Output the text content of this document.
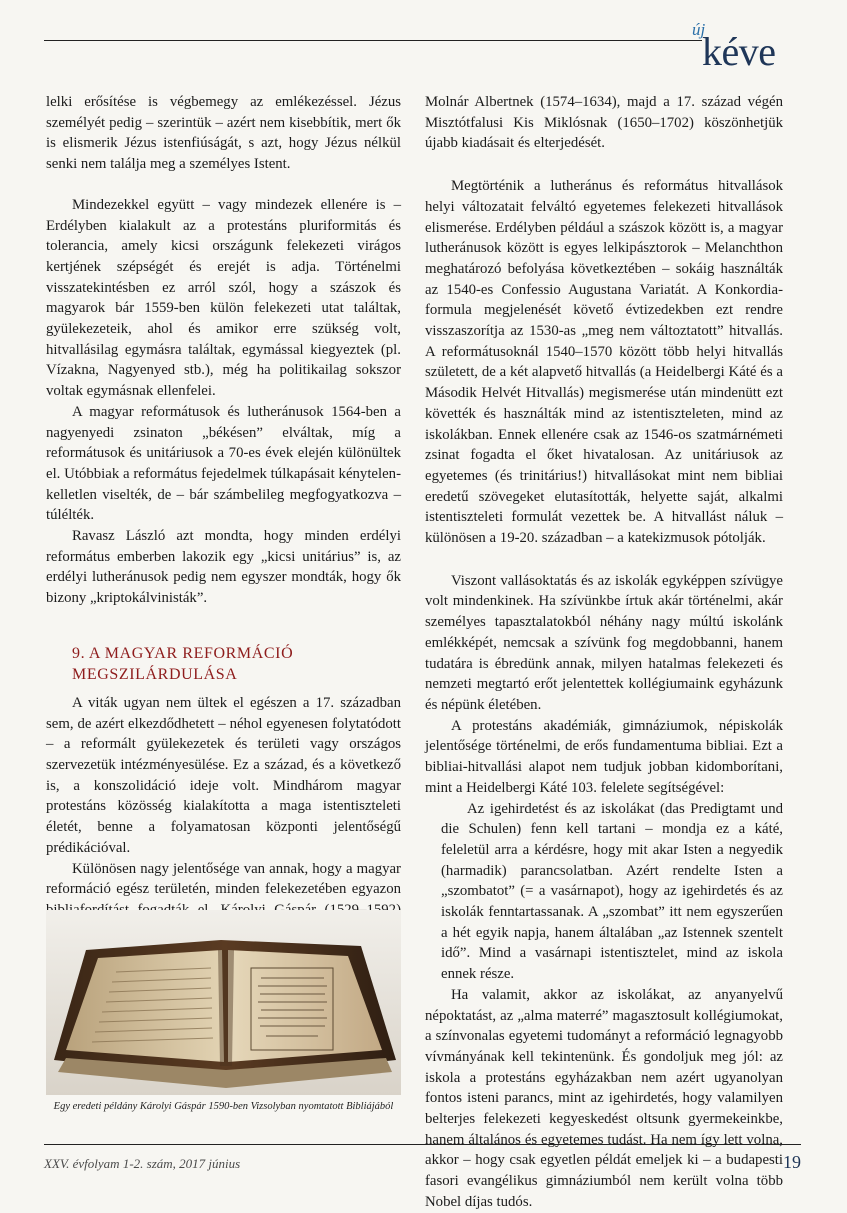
új
kéve

lelki erősítése is végbemegy az emlékezéssel. Jézus személyét pedig – szerintük – azért nem kisebbítik, mert ők is elismerik Jézus istenfiúságát, s azt, hogy Jézus nélkül senki nem találja meg a személyes Istent.

Mindezekkel együtt – vagy mindezek ellenére is – Erdélyben kialakult az a protestáns pluriformitás és tolerancia, amely kicsi országunk felekezeti virágos kertjének szépségét és erejét is adja. Történelmi visszatekintésben ez arról szól, hogy a szászok és magyarok bár 1559-ben külön felekezeti utat találtak, gyülekezeteik, ahol és amikor erre szükség volt, hitvallásilag egymásra találtak, egymással kiegyeztek (pl. Vízakna, Nagyenyed stb.), még ha politikailag sokszor voltak egymásnak ellenfelei.

A magyar reformátusok és lutheránusok 1564-ben a nagyenyedi zsinaton „békésen” elváltak, míg a reformátusok és unitáriusok a 70-es évek elején különültek el. Utóbbiak a református fejedelmek túlkapásait kénytelen-kelletlen viselték, de – bár számbelileg megfogyatkozva – túlélték.

Ravasz László azt mondta, hogy minden erdélyi református emberben lakozik egy „kicsi unitárius” is, az erdélyi lutheránusok pedig nem egyszer mondták, hogy ők bizony „kriptokálvinisták”.

9. A MAGYAR REFORMÁCIÓ
MEGSZILÁRDULÁSA

A viták ugyan nem ültek el egészen a 17. században sem, de azért elkezdődhetett – néhol egyenesen folytatódott – a reformált gyülekezetek és területi vagy országos szervezetük intézményesülése. Ez a század, és a következő is, a konszolidáció ideje volt. Mindhárom magyar protestáns közösség kialakította a maga istentiszteleti életét, benne a folyamatosan központi jelentőségű prédikációval.

Különösen nagy jelentősége van annak, hogy a magyar reformáció egész területén, minden felekezetében egyazon

Egy eredeti példány Károlyi Gáspár 1590-ben Vizsolyban nyomtatott Bibliájából

Molnár Albertnek (1574–1634), majd a 17. század végén Misztótfalusi Kis Miklósnak (1650–1702) köszönhetjük újabb kiadásait és elterjedését.

Megtörténik a lutheránus és református hitvallások helyi változatait felváltó egyetemes felekezeti hitvallások elismerése. Erdélyben például a szászok között is, a magyar lutheránusok között is egyes lelkipásztorok – Melanchthon meghatározó befolyása következtében – sokáig használták az 1540-es Confessio Augustana Variatát. A Konkordia-formula megjelenését követő évtizedekben ezt rendre visszaszorítja az 1530-as „meg nem változtatott” hitvallás. A reformátusoknál 1540–1570 között több helyi hitvallás született, de a két alapvető hitvallás (a Heidelbergi Káté és a Második Helvét Hitvallás) megismerése után mindenütt ezt követték és használták mind az istentiszteleten, mind az iskolákban. Ennek ellenére csak az 1546-os szatmárnémeti zsinat fogadta el őket hivatalosan. Az unitáriusok az egyetemes (és trinitárius!) hitvallásokat mint nem bibliai eredetű szövegeket elutasították, helyette saját, alkalmi istentiszteleti formulát vezettek be. A hitvallást náluk – különösen a 19-20. században – a katekizmusok pótolják.

Viszont vallásoktatás és az iskolák egyképpen szívügye volt mindenkinek. Ha szívünkbe írtuk akár történelmi, akár személyes tapasztalatokból néhány nagy múltú iskolánk emlékképét, nemcsak a szívünk fog megdobbanni, hanem tudatára is ébredünk annak, milyen hatalmas felekezeti és nemzeti megtartó erőt jelentettek kollégiumaink egyházunk és népünk életében.

A protestáns akadémiák, gimnáziumok, népiskolák jelentősége történelmi, de erős fundamentuma bibliai. Ezt a bibliai-hitvallási alapot nem tudjuk jobban kidomborítani, mint a Heidelbergi Káté 103. felelete segítségével:

Az igehirdetést és az iskolákat (das Predigtamt und die Schulen) fenn kell tartani – mondja ez a káté, feleletül arra a kérdésre, hogy mit akar Isten a negyedik (harmadik) parancsolatban. Azért rendelte Isten a „szombatot” (= a vasárnapot), hogy az igehirdetés és az iskolák fenntartassanak. A „szombat” itt nem egyszerűen a hét egyik napja, hanem általában „az Istennek szentelt idő”. Mind a vasárnapi istentisztelet, mind az iskola ennek része.

Ha valamit, akkor az iskolákat, az anyanyelvű népoktatást, az „alma materré” magasztosult kollégiumokat, a színvonalas egyetemi tudományt a reformáció legnagyobb vívmányának kell tekintenünk. És gondoljuk meg jól: az iskola a protestáns egyházakban nem azért ugyanolyan fontos isteni parancs, mint az igehirdetés, hogy valamilyen belterjes felekezeti kegyeskedést oltsunk gyermekeinkbe, hanem általános és egyetemes tudást. Ha nem így lett volna, akkor – hogy csak egyetlen példát emeljek ki – a budapesti fasori evangélikus gimnáziumból nem került volna több Nobel díjas tudós.

XXV. évfolyam 1-2. szám, 2017 június	19
